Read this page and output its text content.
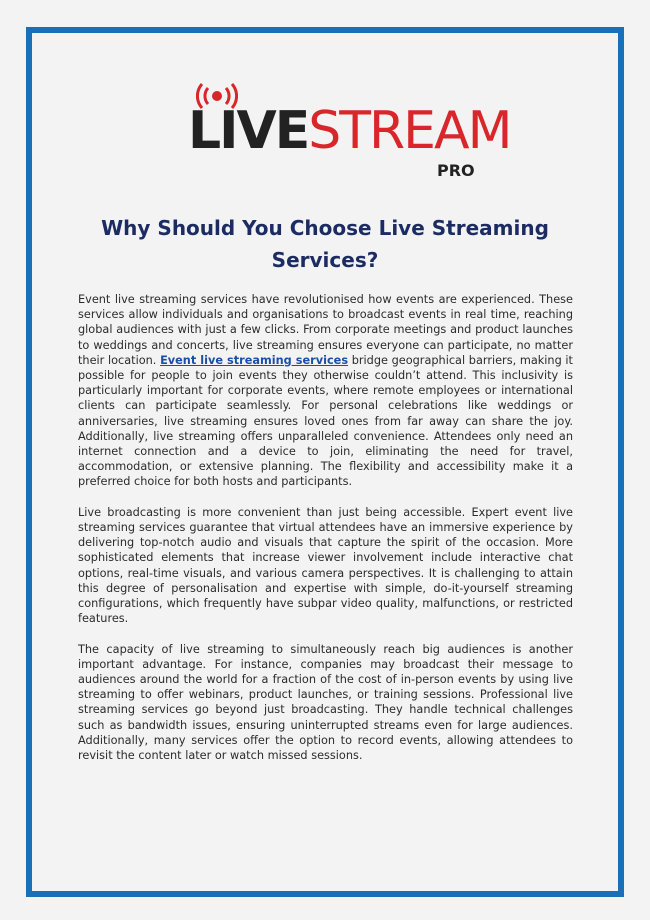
LIVESTREAM
PRO
Why Should You Choose Live Streaming Services?

Event live streaming services have revolutionised how events are experienced. These services allow individuals and organisations to broadcast events in real time, reaching global audiences with just a few clicks. From corporate meetings and product launches to weddings and concerts, live streaming ensures everyone can participate, no matter their location. Event live streaming services bridge geographical barriers, making it possible for people to join events they otherwise couldn’t attend. This inclusivity is particularly important for corporate events, where remote employees or international clients can participate seamlessly. For personal celebrations like weddings or anniversaries, live streaming ensures loved ones from far away can share the joy. Additionally, live streaming offers unparalleled convenience. Attendees only need an internet connection and a device to join, eliminating the need for travel, accommodation, or extensive planning. The flexibility and accessibility make it a preferred choice for both hosts and participants.

Live broadcasting is more convenient than just being accessible. Expert event live streaming services guarantee that virtual attendees have an immersive experience by delivering top-notch audio and visuals that capture the spirit of the occasion. More sophisticated elements that increase viewer involvement include interactive chat options, real-time visuals, and various camera perspectives. It is challenging to attain this degree of personalisation and expertise with simple, do-it-yourself streaming configurations, which frequently have subpar video quality, malfunctions, or restricted features.

The capacity of live streaming to simultaneously reach big audiences is another important advantage. For instance, companies may broadcast their message to audiences around the world for a fraction of the cost of in-person events by using live streaming to offer webinars, product launches, or training sessions. Professional live streaming services go beyond just broadcasting. They handle technical challenges such as bandwidth issues, ensuring uninterrupted streams even for large audiences. Additionally, many services offer the option to record events, allowing attendees to revisit the content later or watch missed sessions.
